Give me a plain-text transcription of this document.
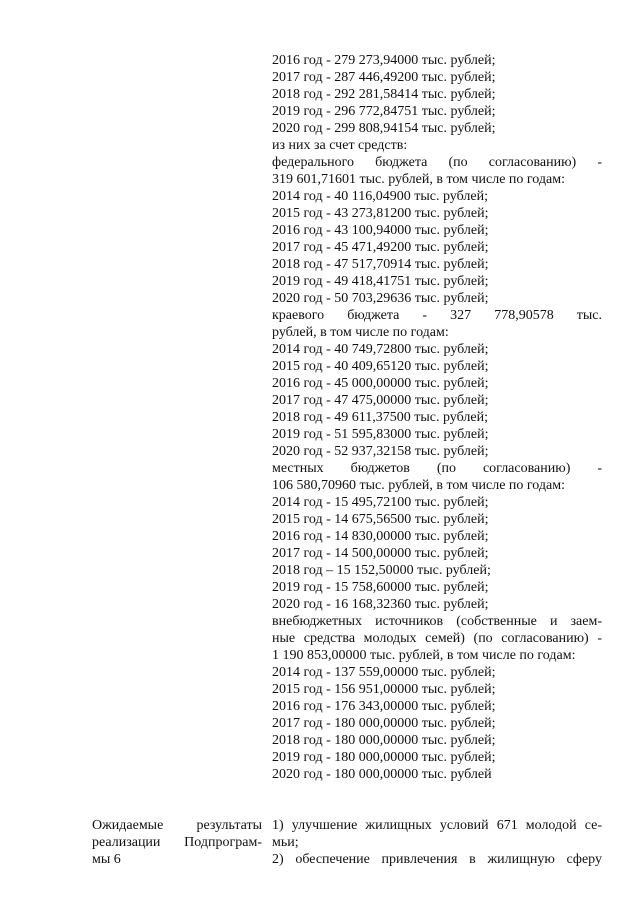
2016 год - 279 273,94000 тыс. рублей;
2017 год - 287 446,49200 тыс. рублей;
2018 год - 292 281,58414 тыс. рублей;
2019 год - 296 772,84751 тыс. рублей;
2020 год - 299 808,94154 тыс. рублей;
из них за счет средств:
федерального бюджета (по согласованию) -
319 601,71601 тыс. рублей, в том числе по годам:
2014 год - 40 116,04900 тыс. рублей;
2015 год - 43 273,81200 тыс. рублей;
2016 год - 43 100,94000 тыс. рублей;
2017 год - 45 471,49200 тыс. рублей;
2018 год - 47 517,70914 тыс. рублей;
2019 год - 49 418,41751 тыс. рублей;
2020 год - 50 703,29636 тыс. рублей;
краевого бюджета - 327 778,90578 тыс.
рублей, в том числе по годам:
2014 год - 40 749,72800 тыс. рублей;
2015 год - 40 409,65120 тыс. рублей;
2016 год - 45 000,00000 тыс. рублей;
2017 год - 47 475,00000 тыс. рублей;
2018 год - 49 611,37500 тыс. рублей;
2019 год - 51 595,83000 тыс. рублей;
2020 год - 52 937,32158 тыс. рублей;
местных бюджетов (по согласованию) -
106 580,70960 тыс. рублей, в том числе по годам:
2014 год - 15 495,72100 тыс. рублей;
2015 год - 14 675,56500 тыс. рублей;
2016 год - 14 830,00000 тыс. рублей;
2017 год - 14 500,00000 тыс. рублей;
2018 год – 15 152,50000 тыс. рублей;
2019 год - 15 758,60000 тыс. рублей;
2020 год - 16 168,32360 тыс. рублей;
внебюджетных источников (собственные и заем-
ные средства молодых семей) (по согласованию) -
1 190 853,00000 тыс. рублей, в том числе по годам:
2014 год - 137 559,00000 тыс. рублей;
2015 год - 156 951,00000 тыс. рублей;
2016 год - 176 343,00000 тыс. рублей;
2017 год - 180 000,00000 тыс. рублей;
2018 год - 180 000,00000 тыс. рублей;
2019 год - 180 000,00000 тыс. рублей;
2020 год - 180 000,00000 тыс. рублей
Ожидаемые результаты
реализации Подпрограм-
мы 6
1) улучшение жилищных условий 671 молодой се-
мьи;
2) обеспечение привлечения в жилищную сферу
